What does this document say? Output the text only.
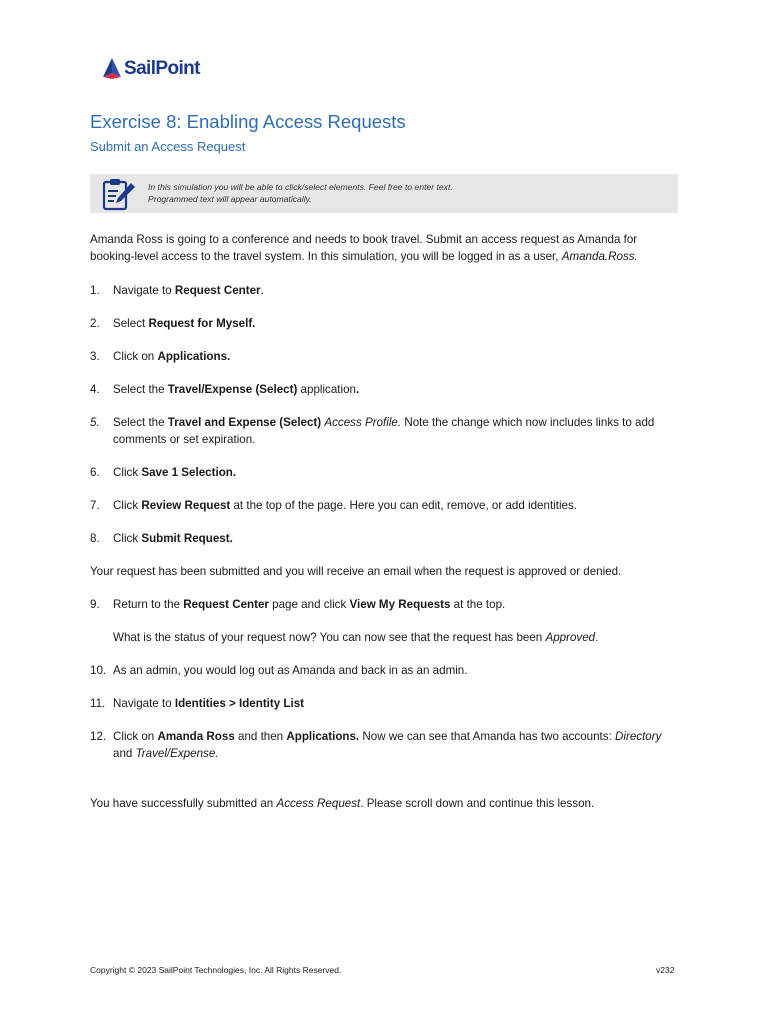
SailPoint
Exercise 8: Enabling Access Requests
Submit an Access Request
In this simulation you will be able to click/select elements. Feel free to enter text.
Programmed text will appear automatically.

Amanda Ross is going to a conference and needs to book travel. Submit an access request as Amanda for
booking-level access to the travel system. In this simulation, you will be logged in as a user, Amanda.Ross.

1. Navigate to Request Center.
2. Select Request for Myself.
3. Click on Applications.
4. Select the Travel/Expense (Select) application.
5. Select the Travel and Expense (Select) Access Profile. Note the change which now includes links to add
comments or set expiration.
6. Click Save 1 Selection.
7. Click Review Request at the top of the page. Here you can edit, remove, or add identities.
8. Click Submit Request.
9. Return to the Request Center page and click View My Requests at the top.
10. As an admin, you would log out as Amanda and back in as an admin.
11. Navigate to Identities > Identity List
12. Click on Amanda Ross and then Applications. Now we can see that Amanda has two accounts: Directory
and Travel/Expense.

Your request has been submitted and you will receive an email when the request is approved or denied.

What is the status of your request now? You can now see that the request has been Approved.

You have successfully submitted an Access Request. Please scroll down and continue this lesson.

Copyright © 2023 SailPoint Technologies, Inc. All Rights Reserved.	v232
